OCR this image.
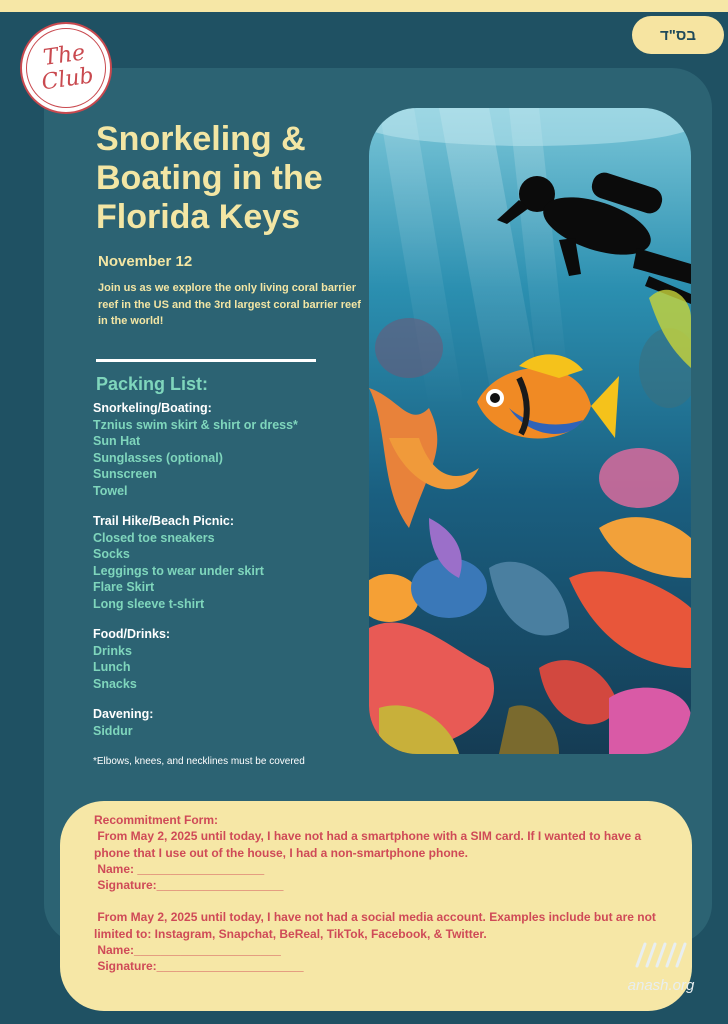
בס"ד
The
Club
Snorkeling & Boating in the Florida Keys
November 12
Join us as we explore the only living coral barrier reef in the US and the 3rd largest coral barrier reef in the world!
Packing List:
Snorkeling/Boating:
Tznius swim skirt & shirt or dress*
Sun Hat
Sunglasses (optional)
Sunscreen
Towel
Trail Hike/Beach Picnic:
Closed toe sneakers
Socks
Leggings to wear under skirt
Flare Skirt
Long sleeve t-shirt
Food/Drinks:
Drinks
Lunch
Snacks
Davening:
Siddur
*Elbows, knees, and necklines must be covered
Recommitment Form:
From May 2, 2025 until today, I have not had a smartphone with a SIM card. If I wanted to have a
phone that I use out of the house, I had a non-smartphone phone.
Name: ___________________
Signature:___________________
From May 2, 2025 until today, I have not had a social media account. Examples include but are not
limited to: Instagram, Snapchat, BeReal, TikTok, Facebook, & Twitter.
Name:______________________
Signature:______________________
anash.org
